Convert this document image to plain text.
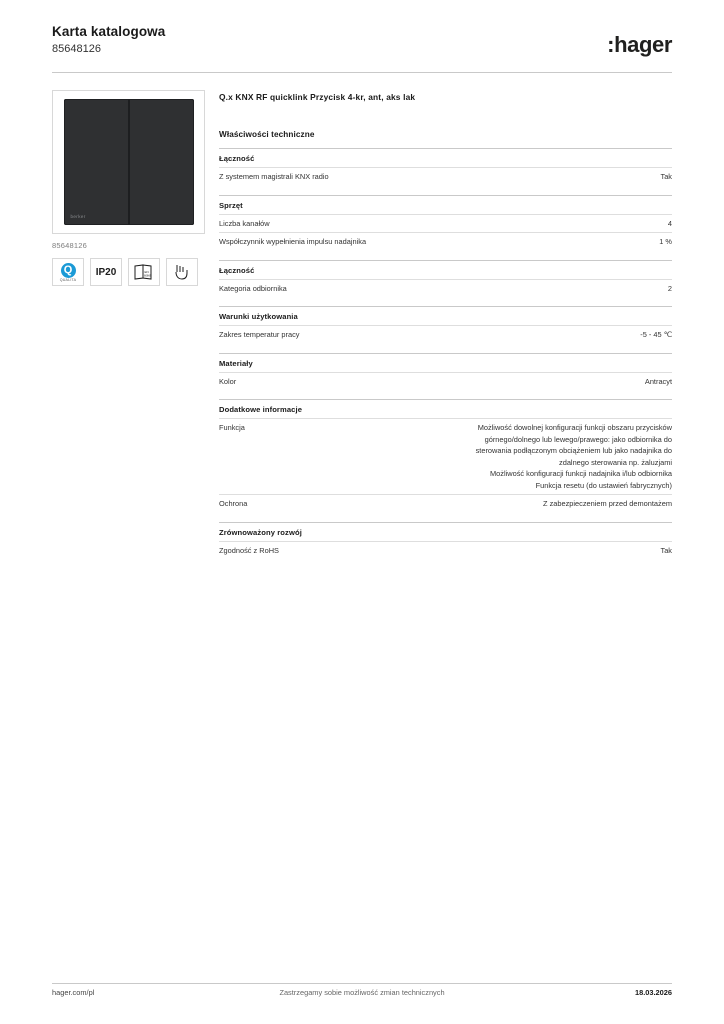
Karta katalogowa
85648126	:hager
berker
85648126
Q
QUALITA
IP20	EN
60669
Q.x KNX RF quicklink Przycisk 4-kr, ant, aks lak
Właściwości techniczne
Łączność
Z systemem magistrali KNX radio	Tak
Sprzęt
Liczba kanałów	4
Współczynnik wypełnienia impulsu nadajnika	1 %
Łączność
Kategoria odbiornika	2
Warunki użytkowania
Zakres temperatur pracy	-5 - 45 ℃
Materiały
Kolor	Antracyt
Dodatkowe informacje
Funkcja	Możliwość dowolnej konfiguracji funkcji obszaru przycisków
górnego/dolnego lub lewego/prawego: jako odbiornika do
sterowania podłączonym obciążeniem lub jako nadajnika do
zdalnego sterowania np. żaluzjami
Możliwość konfiguracji funkcji nadajnika i/lub odbiornika
Funkcja resetu (do ustawień fabrycznych)
Ochrona	Z zabezpieczeniem przed demontażem
Zrównoważony rozwój
Zgodność z RoHS	Tak
hager.com/pl	Zastrzegamy sobie możliwość zmian technicznych	18.03.2026
